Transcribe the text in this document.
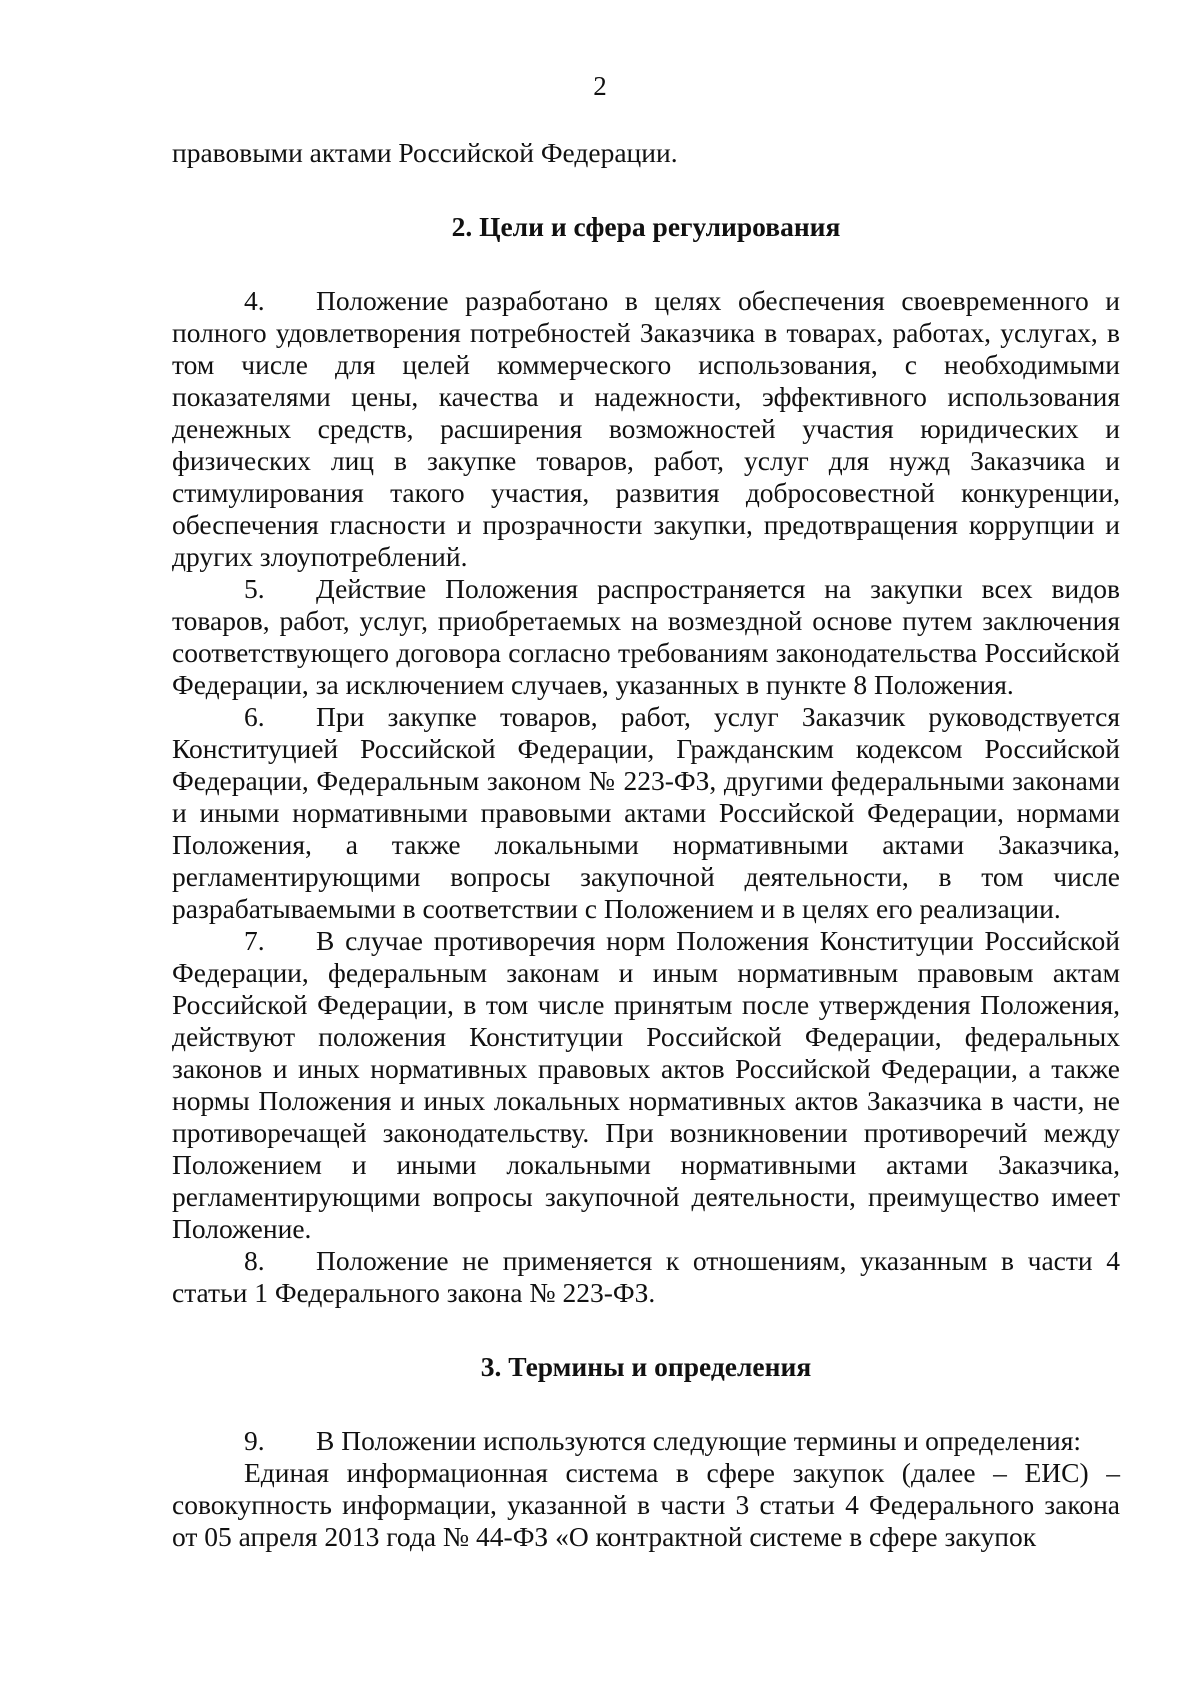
2

правовыми актами Российской Федерации.

2. Цели и сфера регулирования

4. Положение разработано в целях обеспечения своевременного и полного удовлетворения потребностей Заказчика в товарах, работах, услугах, в том числе для целей коммерческого использования, с необходимыми показателями цены, качества и надежности, эффективного использования денежных средств, расширения возможностей участия юридических и физических лиц в закупке товаров, работ, услуг для нужд Заказчика и стимулирования такого участия, развития добросовестной конкуренции, обеспечения гласности и прозрачности закупки, предотвращения коррупции и других злоупотреблений.

5. Действие Положения распространяется на закупки всех видов товаров, работ, услуг, приобретаемых на возмездной основе путем заключения соответствующего договора согласно требованиям законодательства Российской Федерации, за исключением случаев, указанных в пункте 8 Положения.

6. При закупке товаров, работ, услуг Заказчик руководствуется Конституцией Российской Федерации, Гражданским кодексом Российской Федерации, Федеральным законом № 223-ФЗ, другими федеральными законами и иными нормативными правовыми актами Российской Федерации, нормами Положения, а также локальными нормативными актами Заказчика, регламентирующими вопросы закупочной деятельности, в том числе разрабатываемыми в соответствии с Положением и в целях его реализации.

7. В случае противоречия норм Положения Конституции Российской Федерации, федеральным законам и иным нормативным правовым актам Российской Федерации, в том числе принятым после утверждения Положения, действуют положения Конституции Российской Федерации, федеральных законов и иных нормативных правовых актов Российской Федерации, а также нормы Положения и иных локальных нормативных актов Заказчика в части, не противоречащей законодательству. При возникновении противоречий между Положением и иными локальными нормативными актами Заказчика, регламентирующими вопросы закупочной деятельности, преимущество имеет Положение.

8. Положение не применяется к отношениям, указанным в части 4 статьи 1 Федерального закона № 223-ФЗ.

3. Термины и определения

9. В Положении используются следующие термины и определения:

Единая информационная система в сфере закупок (далее – ЕИС) – совокупность информации, указанной в части 3 статьи 4 Федерального закона от 05 апреля 2013 года № 44-ФЗ «О контрактной системе в сфере закупок
